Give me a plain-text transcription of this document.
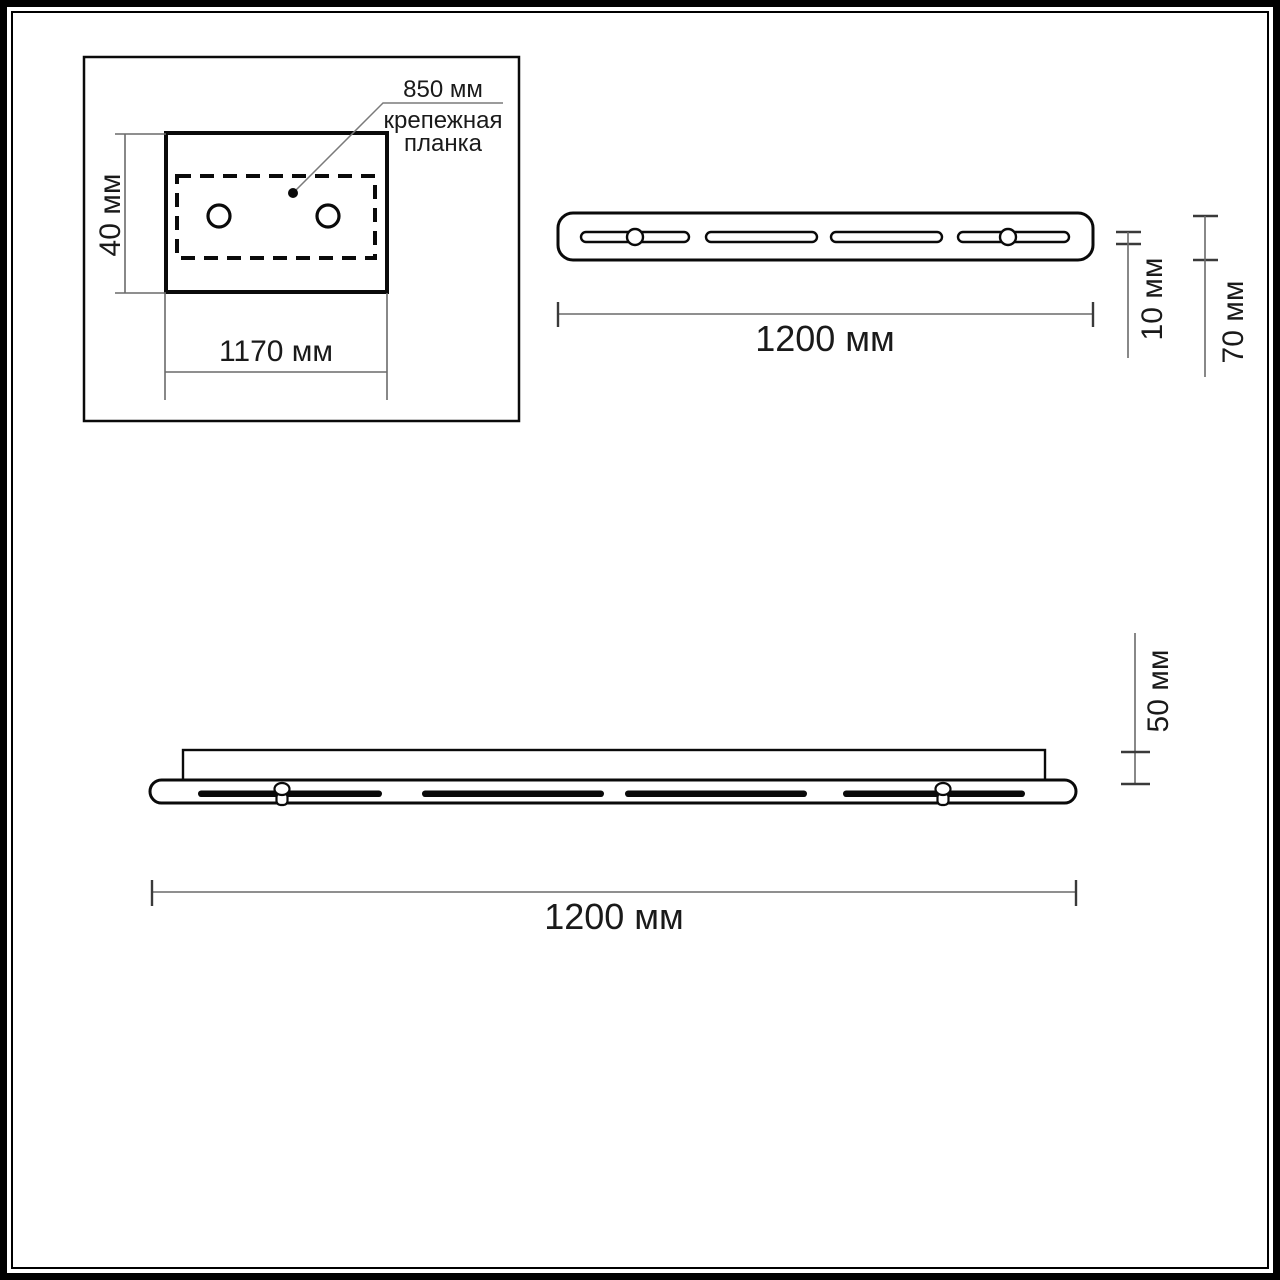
850 мм
крепежная
планка
40 мм
1170 мм	1200 мм	10 мм 70 мм
50 мм
1200 мм
